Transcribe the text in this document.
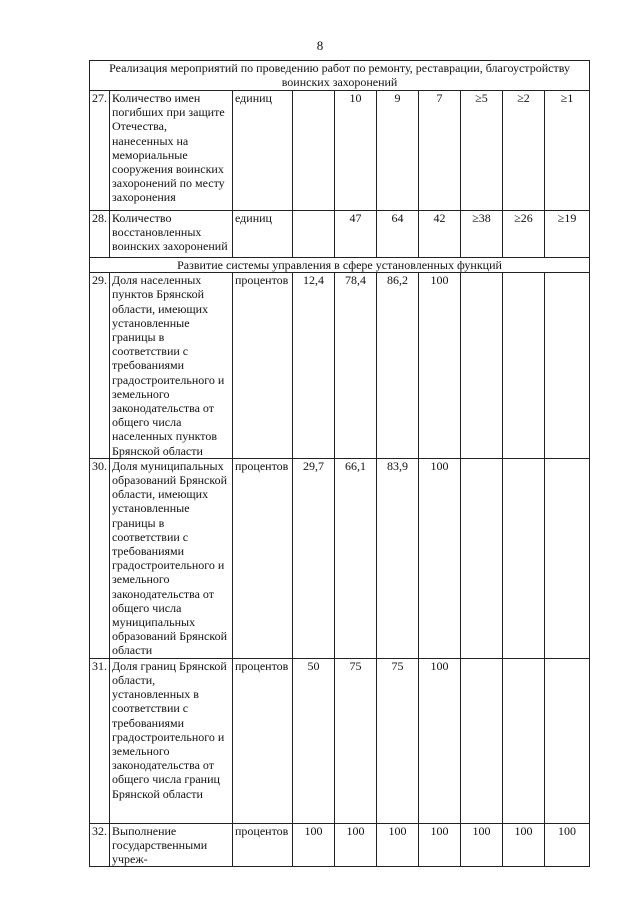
8
Реализация мероприятий по проведению работ по ремонту, реставрации, благоустройству воинских захоронений									
27.	Количество имен погибших при защите Отечества, нанесенных на мемориальные сооружения воинских захоронений по месту захоронения	единиц		10	9	7	≥5	≥2	≥1
28.	Количество восстановленных воинских захоронений	единиц		47	64	42	≥38	≥26	≥19
Развитие системы управления в сфере установленных функций									
29.	Доля населенных пунктов Брянской области, имеющих установленные границы в соответствии с требованиями градостроительного и земельного законодательства от общего числа населенных пунктов Брянской области	процентов	12,4	78,4	86,2	100			
30.	Доля муниципальных образований Брянской области, имеющих установленные границы в соответствии с требованиями градостроительного и земельного законодательства от общего числа муниципальных образований Брянской области	процентов	29,7	66,1	83,9	100			
31.	Доля границ Брянской области, установленных в соответствии с требованиями градостроительного и земельного законодательства от общего числа границ Брянской области	процентов	50	75	75	100			
32.	Выполнение государственными учреж-	процентов	100	100	100	100	100	100	100
